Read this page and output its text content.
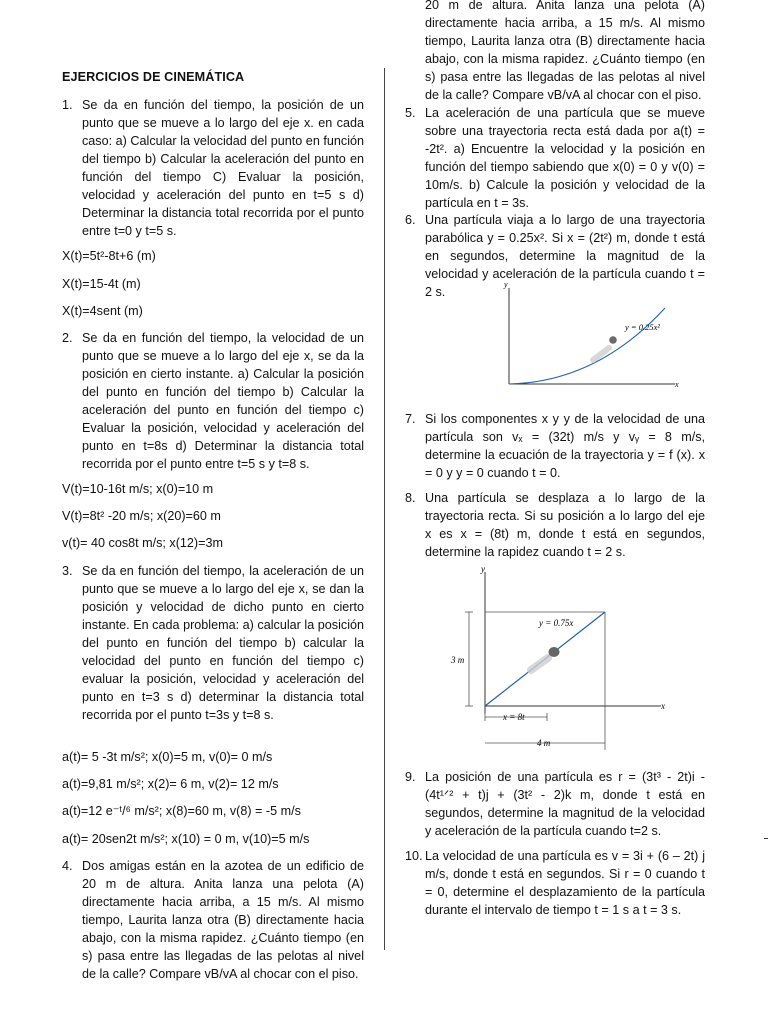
EJERCICIOS DE CINEMÁTICA
1. Se da en función del tiempo, la posición de un punto que se mueve a lo largo del eje x. en cada caso: a) Calcular la velocidad del punto en función del tiempo b) Calcular la aceleración del punto en función del tiempo C) Evaluar la posición, velocidad y aceleración del punto en t=5 s d) Determinar la distancia total recorrida por el punto entre t=0 y t=5 s.
X(t)=5t²-8t+6 (m)
X(t)=15-4t (m)
X(t)=4sent (m)
2. Se da en función del tiempo, la velocidad de un punto que se mueve a lo largo del eje x, se da la posición en cierto instante. a) Calcular la posición del punto en función del tiempo b) Calcular la aceleración del punto en función del tiempo c) Evaluar la posición, velocidad y aceleración del punto en t=8s d) Determinar la distancia total recorrida por el punto entre t=5 s y t=8 s.
V(t)=10-16t m/s; x(0)=10 m
V(t)=8t² -20 m/s; x(20)=60 m
v(t)= 40 cos8t m/s; x(12)=3m
3. Se da en función del tiempo, la aceleración de un punto que se mueve a lo largo del eje x, se dan la posición y velocidad de dicho punto en cierto instante. En cada problema: a) calcular la posición del punto en función del tiempo b) calcular la velocidad del punto en función del tiempo c) evaluar la posición, velocidad y aceleración del punto en t=3 s d) determinar la distancia total recorrida por el punto t=3s y t=8 s.
a(t)= 5 -3t m/s²; x(0)=5 m, v(0)= 0 m/s
a(t)=9,81 m/s²; x(2)= 6 m, v(2)= 12 m/s
a(t)=12 e⁻ᵗ/⁶ m/s²; x(8)=60 m, v(8) = -5 m/s
a(t)= 20sen2t m/s²; x(10) = 0 m, v(10)=5 m/s
4. Dos amigas están en la azotea de un edificio de 20 m de altura. Anita lanza una pelota (A) directamente hacia arriba, a 15 m/s. Al mismo tiempo, Laurita lanza otra (B) directamente hacia abajo, con la misma rapidez. ¿Cuánto tiempo (en s) pasa entre las llegadas de las pelotas al nivel de la calle? Compare vB/vA al chocar con el piso.
20 m de altura. Anita lanza una pelota (A) directamente hacia arriba, a 15 m/s. Al mismo tiempo, Laurita lanza otra (B) directamente hacia abajo, con la misma rapidez. ¿Cuánto tiempo (en s) pasa entre las llegadas de las pelotas al nivel de la calle? Compare vB/vA al chocar con el piso.
5. La aceleración de una partícula que se mueve sobre una trayectoria recta está dada por a(t) = -2t². a) Encuentre la velocidad y la posición en función del tiempo sabiendo que x(0) = 0 y v(0) = 10m/s. b) Calcule la posición y velocidad de la partícula en t = 3s.
6. Una partícula viaja a lo largo de una trayectoria parabólica y = 0.25x². Si x = (2t²) m, donde t está en segundos, determine la magnitud de la velocidad y aceleración de la partícula cuando t = 2 s.
y
x
y = 0.25x²
7. Si los componentes x y y de la velocidad de una partícula son vₓ = (32t) m/s y vᵧ = 8 m/s, determine la ecuación de la trayectoria y = f (x). x = 0 y y = 0 cuando t = 0.
8. Una partícula se desplaza a lo largo de la trayectoria recta. Si su posición a lo largo del eje x es x = (8t) m, donde t está en segundos, determine la rapidez cuando t = 2 s.
y
x
y = 0.75x
3 m
x = 8t
4 m
9. La posición de una partícula es r = (3t³ - 2t)i - (4t¹ᐟ² + t)j + (3t² - 2)k m, donde t está en segundos, determine la magnitud de la velocidad y aceleración de la partícula cuando t=2 s.
10. La velocidad de una partícula es v = 3i + (6 – 2t) j m/s, donde t está en segundos. Si r = 0 cuando t = 0, determine el desplazamiento de la partícula durante el intervalo de tiempo t = 1 s a t = 3 s.
